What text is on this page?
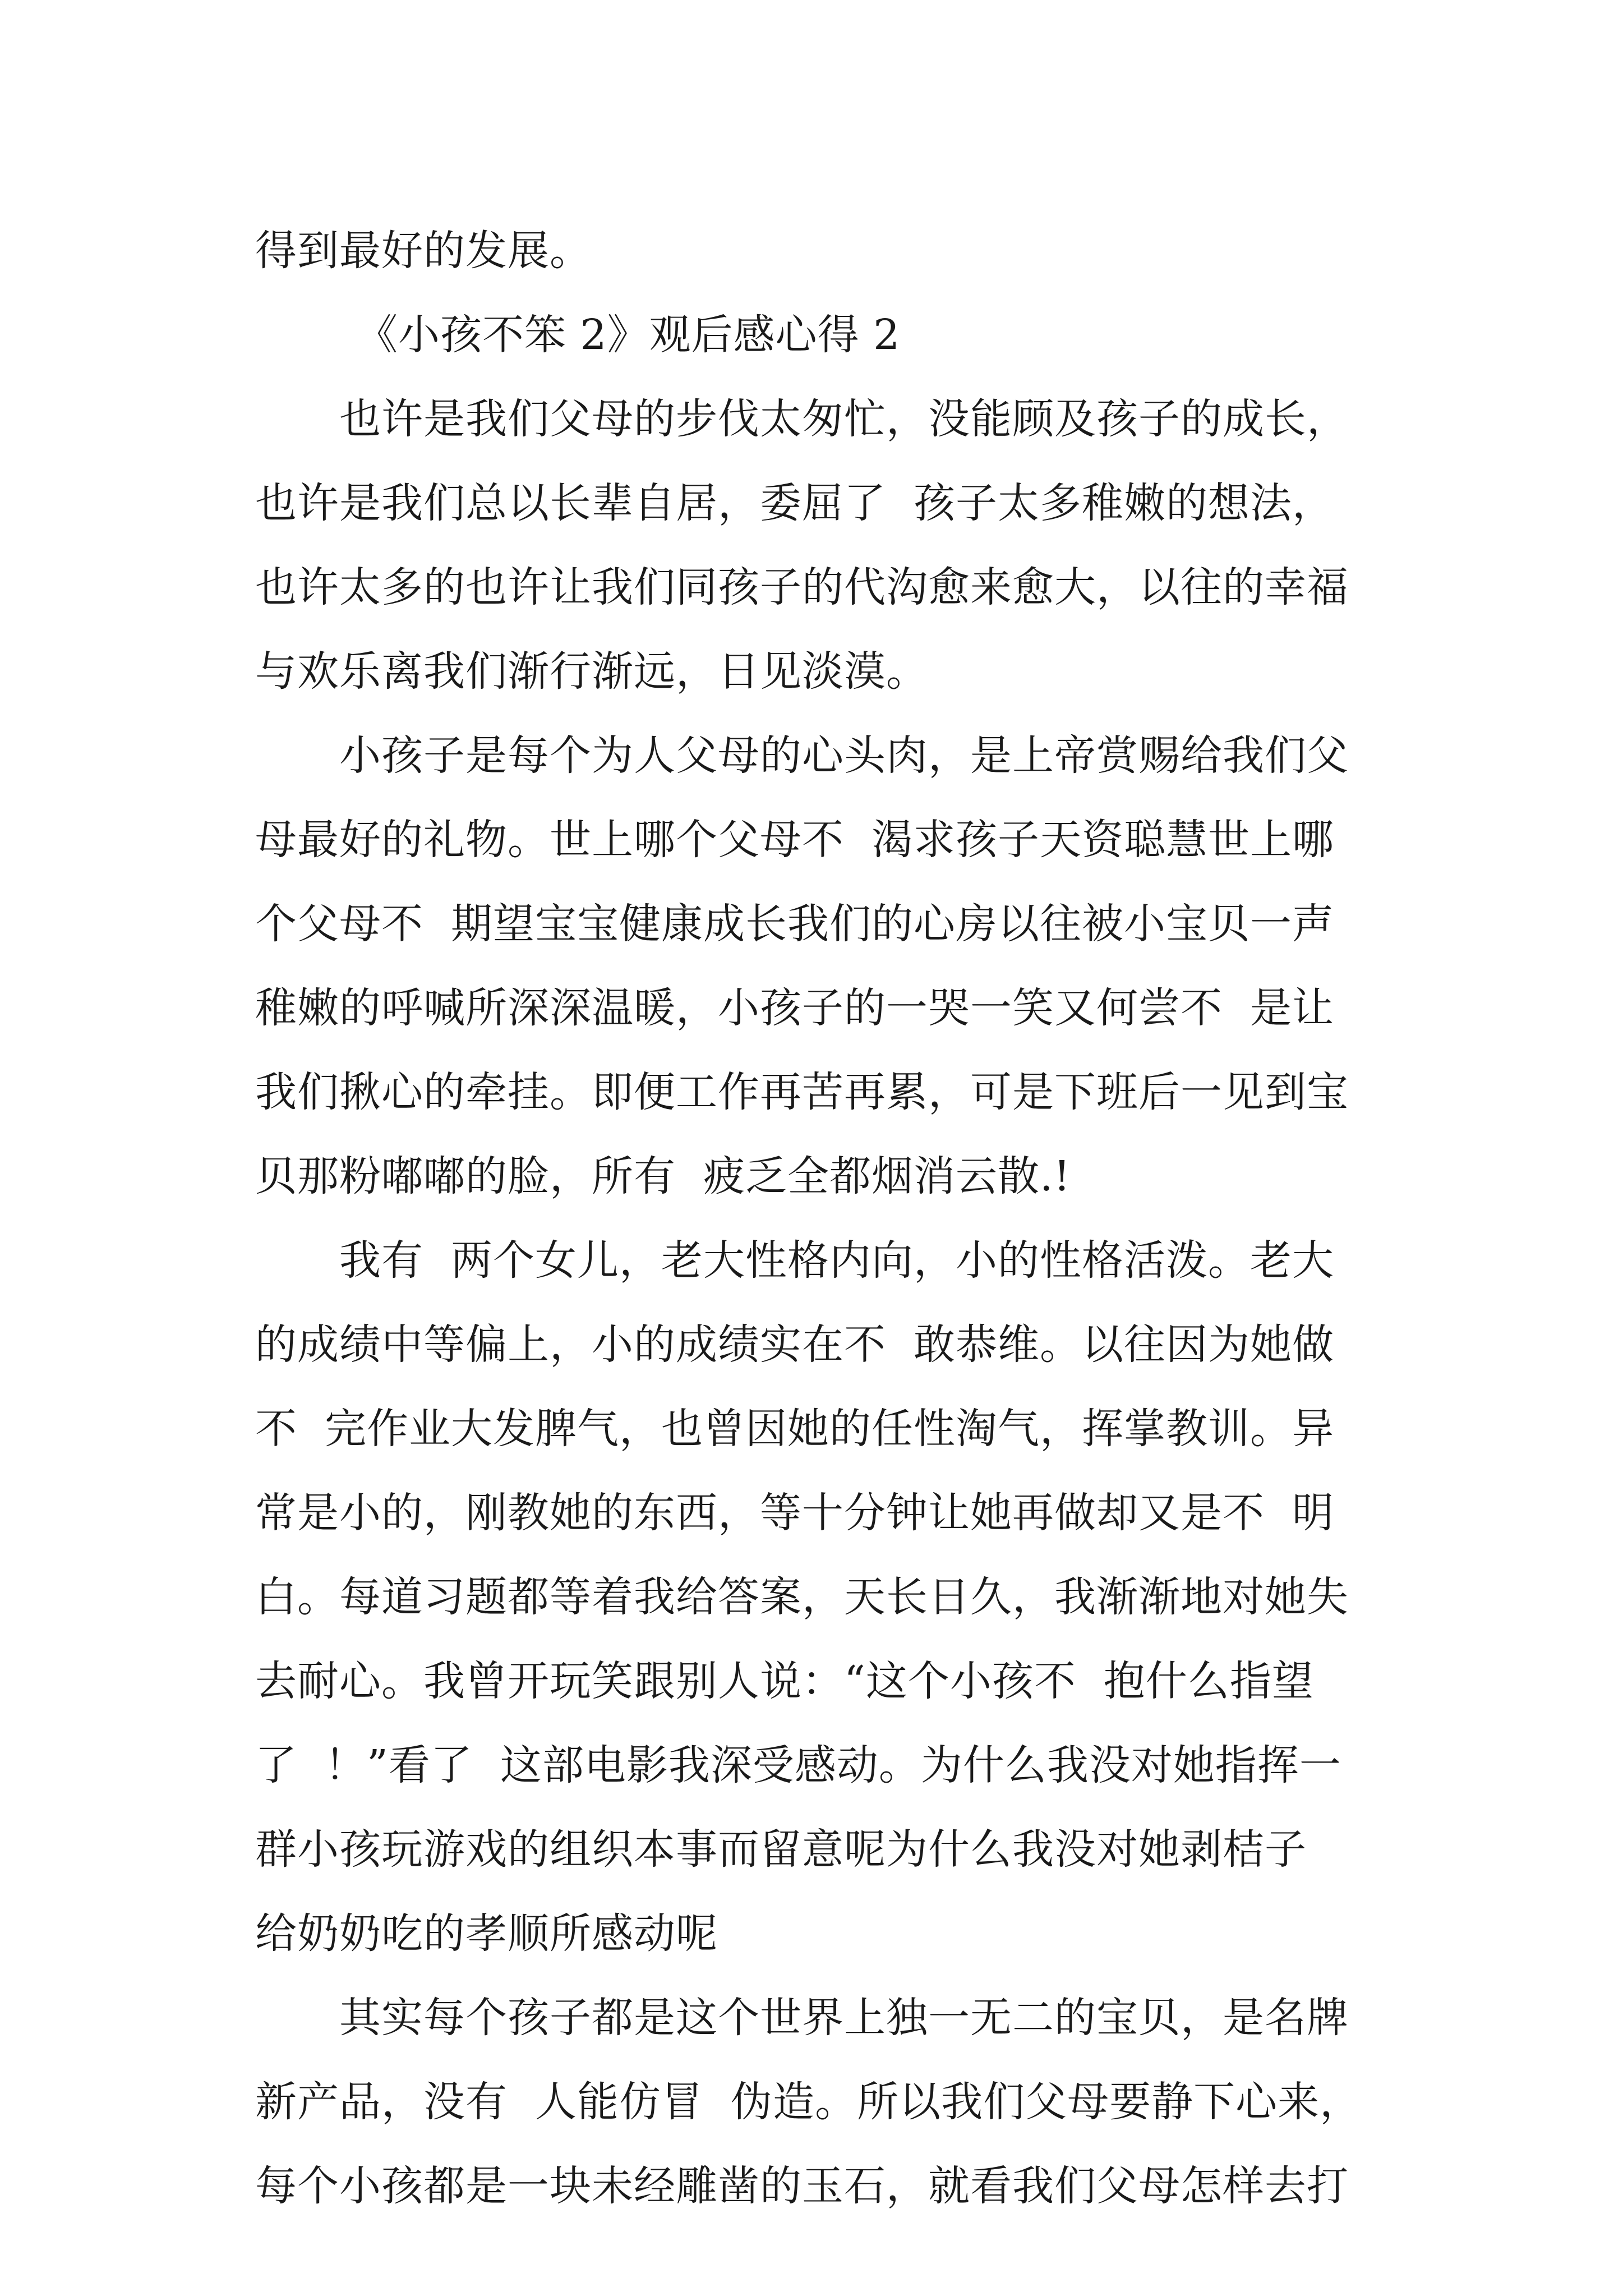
得到最好的发展。
《小孩不笨 2》观后感心得 2
也许是我们父母的步伐太匆忙，没能顾及孩子的成长，
也许是我们总以长辈自居，委屈了  孩子太多稚嫩的想法，
也许太多的也许让我们同孩子的代沟愈来愈大，以往的幸福
与欢乐离我们渐行渐远，日见淡漠。
小孩子是每个为人父母的心头肉，是上帝赏赐给我们父
母最好的礼物。世上哪个父母不  渴求孩子天资聪慧世上哪
个父母不  期望宝宝健康成长我们的心房以往被小宝贝一声
稚嫩的呼喊所深深温暖，小孩子的一哭一笑又何尝不  是让
我们揪心的牵挂。即便工作再苦再累，可是下班后一见到宝
贝那粉嘟嘟的脸，所有  疲乏全都烟消云散.!
我有  两个女儿，老大性格内向，小的性格活泼。老大
的成绩中等偏上，小的成绩实在不  敢恭维。以往因为她做
不  完作业大发脾气，也曾因她的任性淘气，挥掌教训。异
常是小的，刚教她的东西，等十分钟让她再做却又是不  明
白。每道习题都等着我给答案，天长日久，我渐渐地对她失
去耐心。我曾开玩笑跟别人说：“这个小孩不  抱什么指望
了  ！”看了  这部电影我深受感动。为什么我没对她指挥一
群小孩玩游戏的组织本事而留意呢为什么我没对她剥桔子
给奶奶吃的孝顺所感动呢
其实每个孩子都是这个世界上独一无二的宝贝，是名牌
新产品，没有  人能仿冒  伪造。所以我们父母要静下心来，
每个小孩都是一块未经雕凿的玉石，就看我们父母怎样去打
